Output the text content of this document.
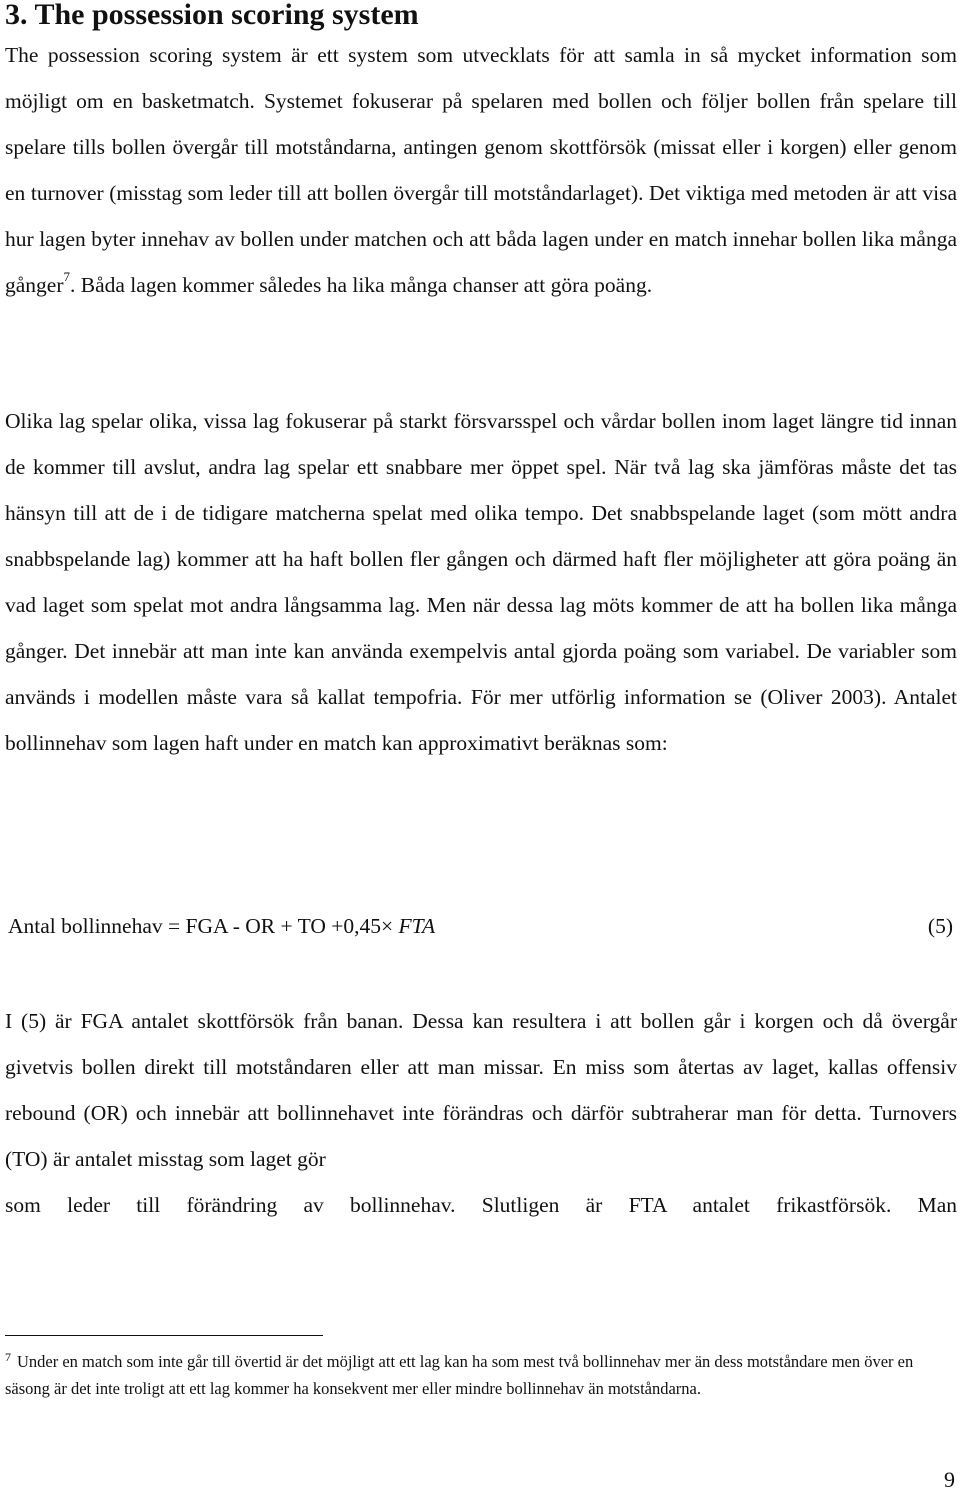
3. The possession scoring system

The possession scoring system är ett system som utvecklats för att samla in så mycket information som möjligt om en basketmatch. Systemet fokuserar på spelaren med bollen och följer bollen från spelare till spelare tills bollen övergår till motståndarna, antingen genom skottförsök (missat eller i korgen) eller genom en turnover (misstag som leder till att bollen övergår till motståndarlaget). Det viktiga med metoden är att visa hur lagen byter innehav av bollen under matchen och att båda lagen under en match innehar bollen lika många gånger$^7$. Båda lagen kommer således ha lika många chanser att göra poäng.

Olika lag spelar olika, vissa lag fokuserar på starkt försvarsspel och vårdar bollen inom laget längre tid innan de kommer till avslut, andra lag spelar ett snabbare mer öppet spel. När två lag ska jämföras måste det tas hänsyn till att de i de tidigare matcherna spelat med olika tempo. Det snabbspelande laget (som mött andra snabbspelande lag) kommer att ha haft bollen fler gången och därmed haft fler möjligheter att göra poäng än vad laget som spelat mot andra långsamma lag. Men när dessa lag möts kommer de att ha bollen lika många gånger. Det innebär att man inte kan använda exempelvis antal gjorda poäng som variabel. De variabler som används i modellen måste vara så kallat tempofria. För mer utförlig information se (Oliver 2003). Antalet bollinnehav som lagen haft under en match kan approximativt beräknas som:

Antal bollinnehav = FGA - OR + TO +0,45× FTA	(5)

I (5) är FGA antalet skottförsök från banan. Dessa kan resultera i att bollen går i korgen och då övergår givetvis bollen direkt till motståndaren eller att man missar. En miss som återtas av laget, kallas offensiv rebound (OR) och innebär att bollinnehavet inte förändras och därför subtraherar man för detta. Turnovers (TO) är antalet misstag som laget gör
som leder till förändring av bollinnehav. Slutligen är FTA antalet frikastförsök. Man

$^7$ Under en match som inte går till övertid är det möjligt att ett lag kan ha som mest två bollinnehav mer än dess motståndare men över en säsong är det inte troligt att ett lag kommer ha konsekvent mer eller mindre bollinnehav än motståndarna.

9
